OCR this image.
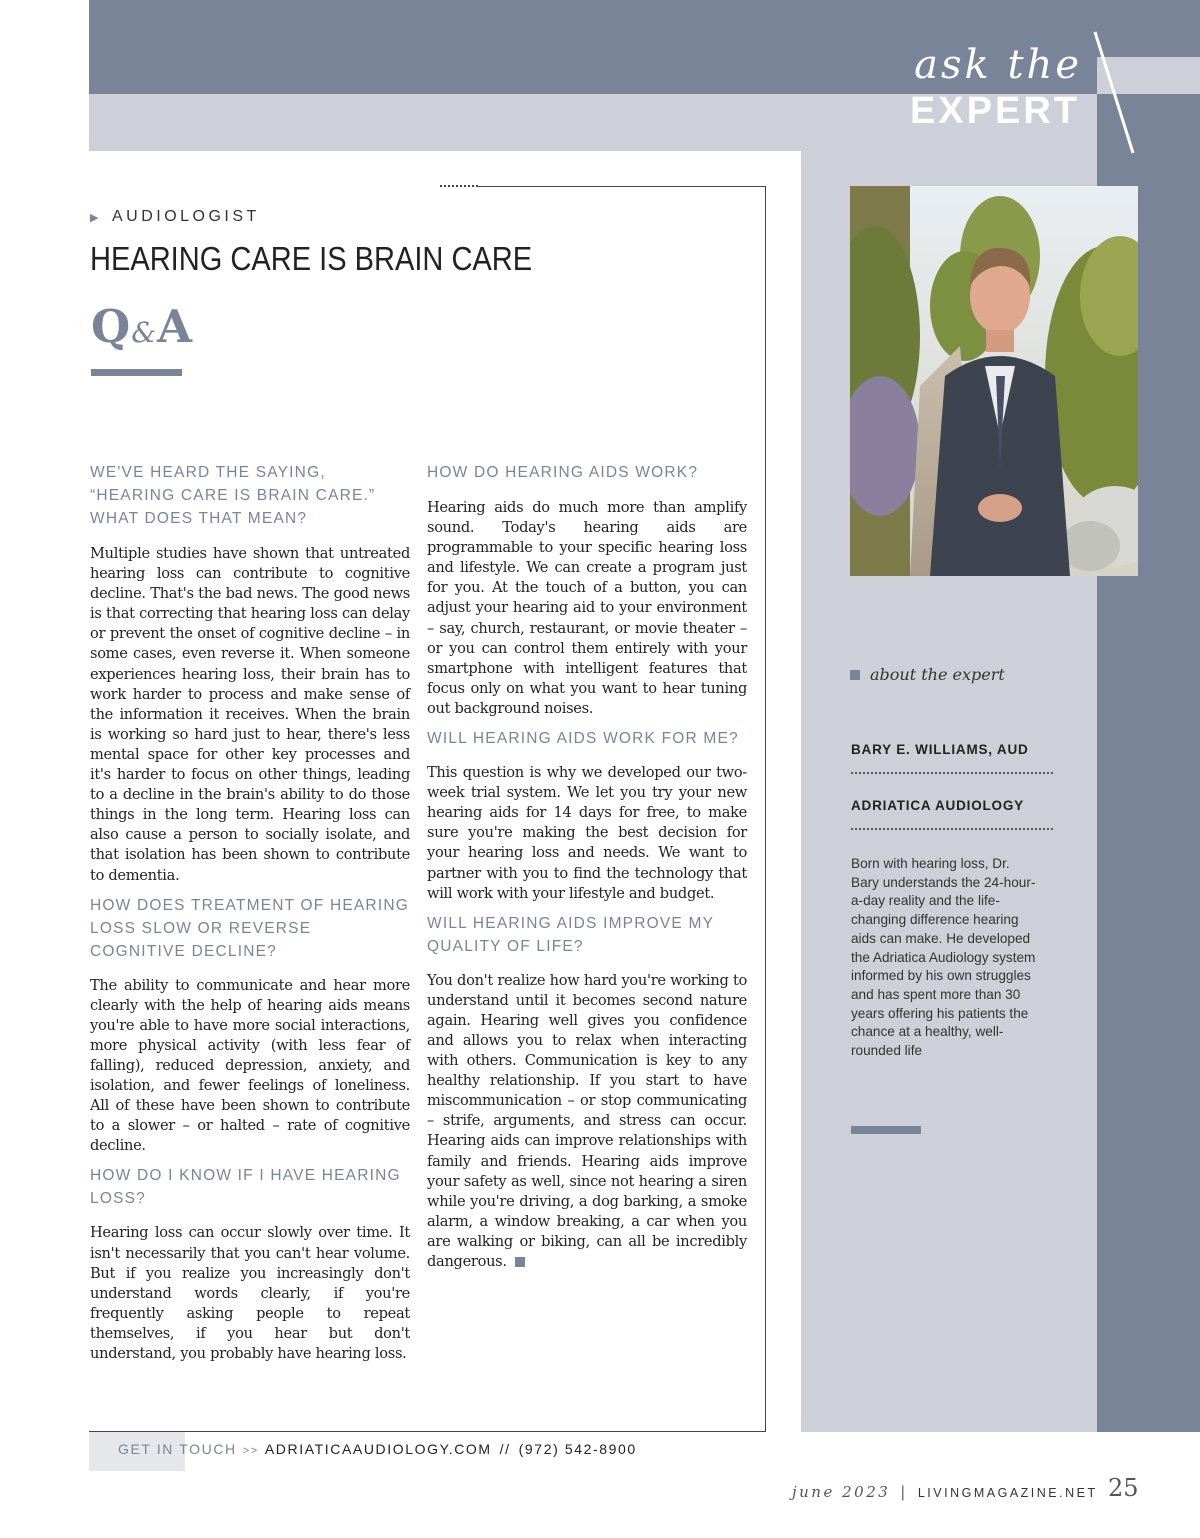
ask the
EXPERT
▶ AUDIOLOGIST
HEARING CARE IS BRAIN CARE
Q&A

WE'VE HEARD THE SAYING, “HEARING CARE IS BRAIN CARE.” WHAT DOES THAT MEAN?

Multiple studies have shown that untreated hearing loss can contribute to cognitive decline. That's the bad news. The good news is that correcting that hearing loss can delay or prevent the onset of cognitive decline – in some cases, even reverse it. When someone experiences hearing loss, their brain has to work harder to process and make sense of the information it receives. When the brain is working so hard just to hear, there's less mental space for other key processes and it's harder to focus on other things, leading to a decline in the brain's ability to do those things in the long term. Hearing loss can also cause a person to socially isolate, and that isolation has been shown to contribute to dementia.

HOW DOES TREATMENT OF HEARING LOSS SLOW OR REVERSE COGNITIVE DECLINE?

The ability to communicate and hear more clearly with the help of hearing aids means you're able to have more social interactions, more physical activity (with less fear of falling), reduced depression, anxiety, and isolation, and fewer feelings of loneliness. All of these have been shown to contribute to a slower – or halted – rate of cognitive decline.

HOW DO I KNOW IF I HAVE HEARING LOSS?

Hearing loss can occur slowly over time. It isn't necessarily that you can't hear volume. But if you realize you increasingly don't understand words clearly, if you're frequently asking people to repeat themselves, if you hear but don't understand, you probably have hearing loss.

HOW DO HEARING AIDS WORK?

Hearing aids do much more than amplify sound. Today's hearing aids are programmable to your specific hearing loss and lifestyle. We can create a program just for you. At the touch of a button, you can adjust your hearing aid to your environment – say, church, restaurant, or movie theater – or you can control them entirely with your smartphone with intelligent features that focus only on what you want to hear tuning out background noises.

WILL HEARING AIDS WORK FOR ME?

This question is why we developed our two-week trial system. We let you try your new hearing aids for 14 days for free, to make sure you're making the best decision for your hearing loss and needs. We want to partner with you to find the technology that will work with your lifestyle and budget.

WILL HEARING AIDS IMPROVE MY QUALITY OF LIFE?

You don't realize how hard you're working to understand until it becomes second nature again. Hearing well gives you confidence and allows you to relax when interacting with others. Communication is key to any healthy relationship. If you start to have miscommunication – or stop communicating – strife, arguments, and stress can occur. Hearing aids can improve relationships with family and friends. Hearing aids improve your safety as well, since not hearing a siren while you're driving, a dog barking, a smoke alarm, a window breaking, a car when you are walking or biking, can all be incredibly dangerous.

about the expert
BARY E. WILLIAMS, AUD
ADRIATICA AUDIOLOGY
Born with hearing loss, Dr. Bary understands the 24-hour-a-day reality and the life-changing difference hearing aids can make. He developed the Adriatica Audiology system informed by his own struggles and has spent more than 30 years offering his patients the chance at a healthy, well-rounded life
GET IN TOUCH >> ADRIATICAAUDIOLOGY.COM // (972) 542-8900
june 2023 | LIVINGMAGAZINE.NET 25
